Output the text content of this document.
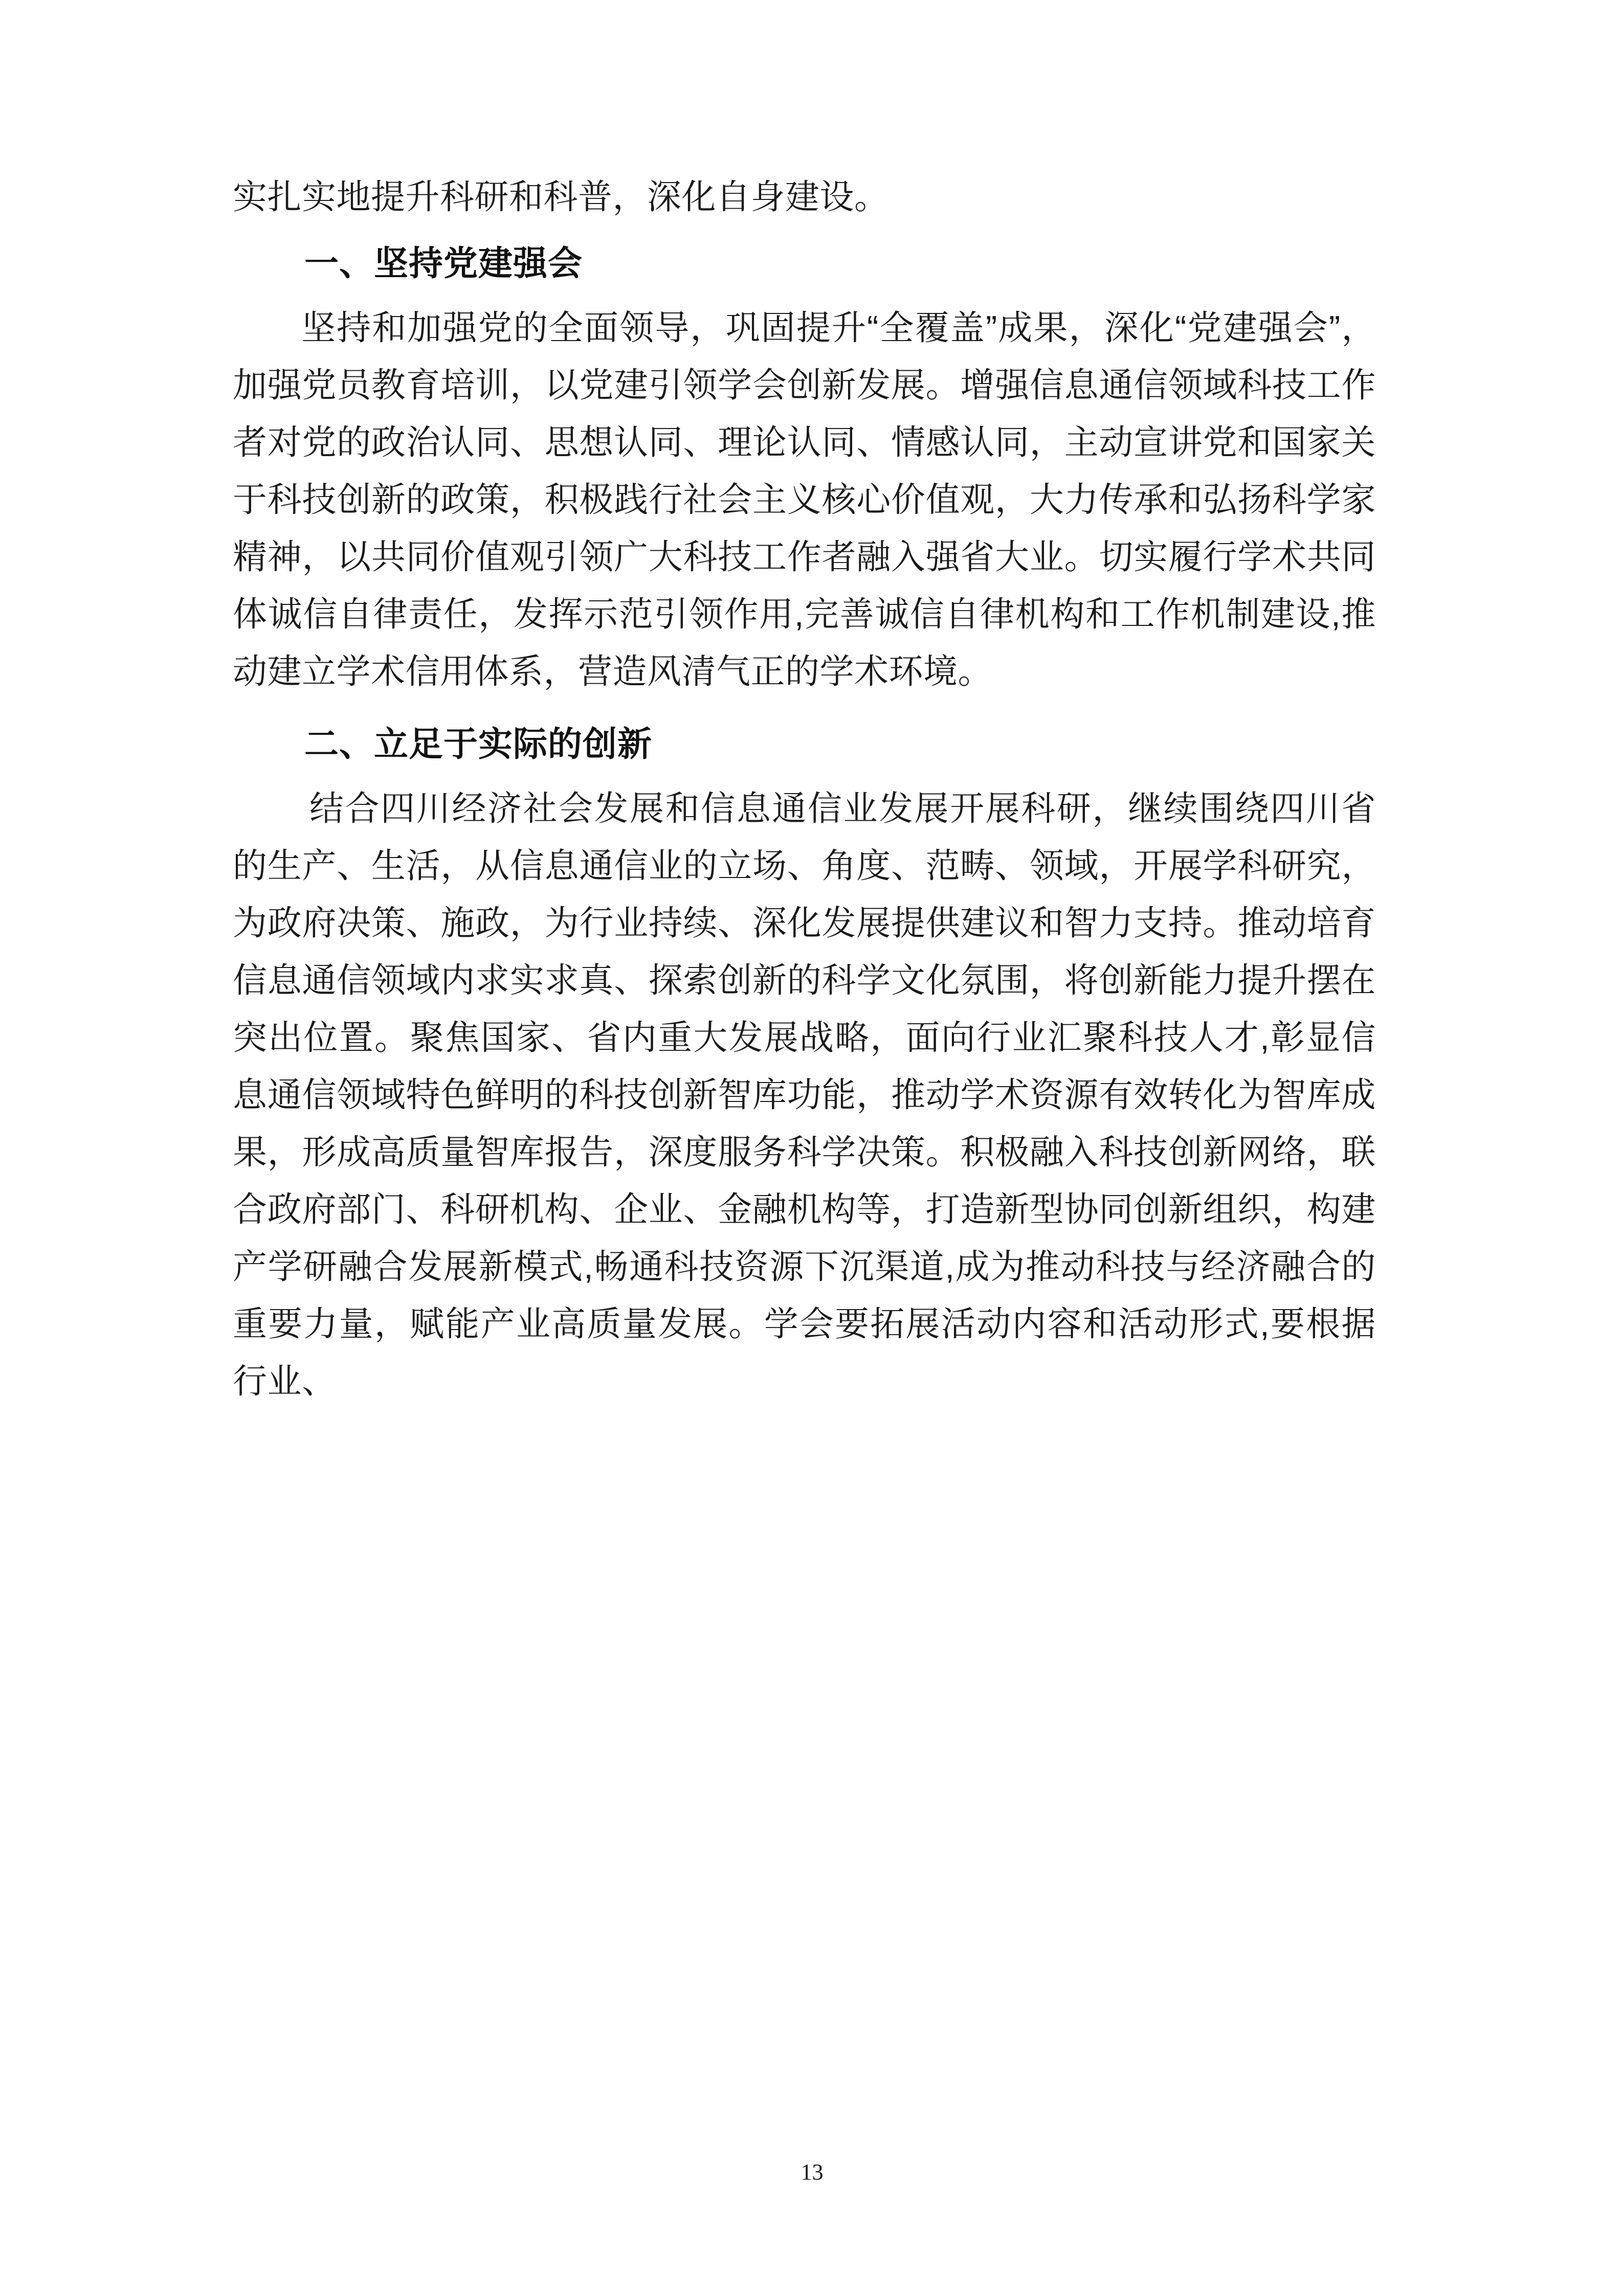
实扎实地提升科研和科普，深化自身建设。

一、坚持党建强会

坚持和加强党的全面领导，巩固提升“全覆盖”成果，深化“党建强会”，加强党员教育培训，以党建引领学会创新发展。增强信息通信领域科技工作者对党的政治认同、思想认同、理论认同、情感认同，主动宣讲党和国家关于科技创新的政策，积极践行社会主义核心价值观，大力传承和弘扬科学家精神，以共同价值观引领广大科技工作者融入强省大业。切实履行学术共同体诚信自律责任，发挥示范引领作用,完善诚信自律机构和工作机制建设,推动建立学术信用体系，营造风清气正的学术环境。

二、立足于实际的创新

结合四川经济社会发展和信息通信业发展开展科研，继续围绕四川省的生产、生活，从信息通信业的立场、角度、范畴、领域，开展学科研究，为政府决策、施政，为行业持续、深化发展提供建议和智力支持。推动培育信息通信领域内求实求真、探索创新的科学文化氛围，将创新能力提升摆在突出位置。聚焦国家、省内重大发展战略，面向行业汇聚科技人才,彰显信息通信领域特色鲜明的科技创新智库功能，推动学术资源有效转化为智库成果，形成高质量智库报告，深度服务科学决策。积极融入科技创新网络，联合政府部门、科研机构、企业、金融机构等，打造新型协同创新组织，构建产学研融合发展新模式,畅通科技资源下沉渠道,成为推动科技与经济融合的重要力量，赋能产业高质量发展。学会要拓展活动内容和活动形式,要根据行业、

13
